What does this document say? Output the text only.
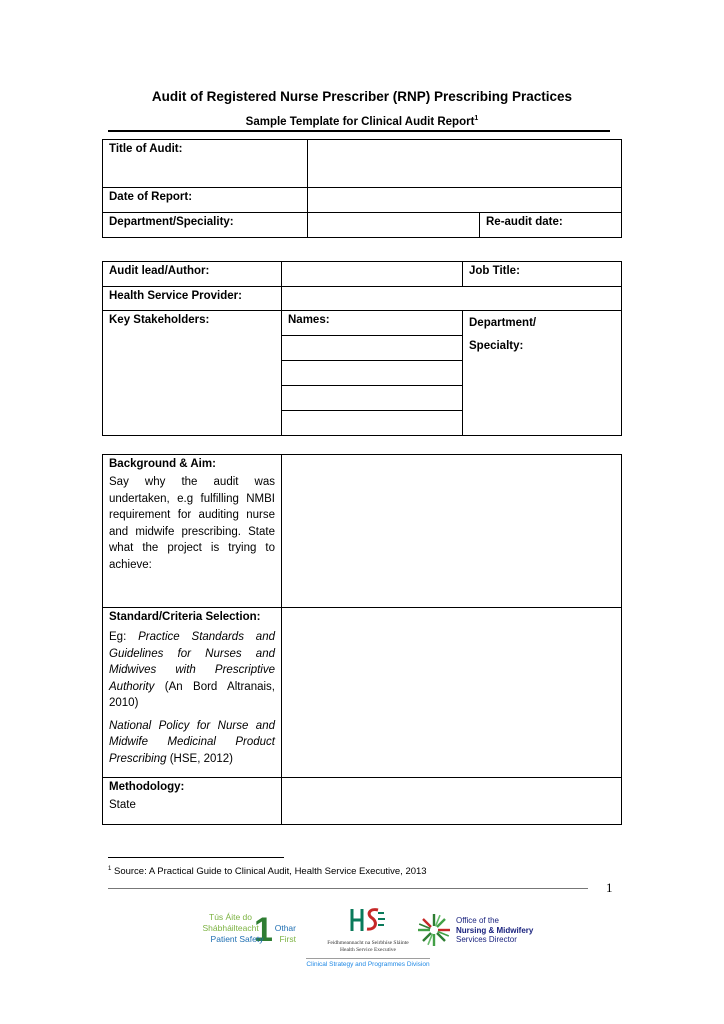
Audit of Registered Nurse Prescriber (RNP) Prescribing Practices
Sample Template for Clinical Audit Report$^1$
Title of Audit:		
Date of Report:		
Department/Speciality:		Re-audit date:
Audit lead/Author:		Job Title:
Health Service Provider:		
Key Stakeholders:	Names:	Department/
Specialty:

Background & Aim:

Say why the audit was undertaken, e.g fulfilling NMBI requirement for auditing nurse and midwife prescribing. State what the project is trying to achieve:	

Standard/Criteria Selection:

Eg: Practice Standards and Guidelines for Nurses and Midwives with Prescriptive Authority (An Bord Altranais, 2010)

National Policy for Nurse and Midwife Medicinal Product Prescribing (HSE, 2012)	

Methodology:
State	

$^1$ Source: A Practical Guide to Clinical Audit, Health Service Executive, 2013
1
1
Tús Áite do
Shábháilteacht Othar
Patient Safety First	Feidhmeannacht na Seirbhíse Sláinte
Health Service Executive
Clinical Strategy and Programmes Division
Office of the
Nursing & Midwifery
Services Director
